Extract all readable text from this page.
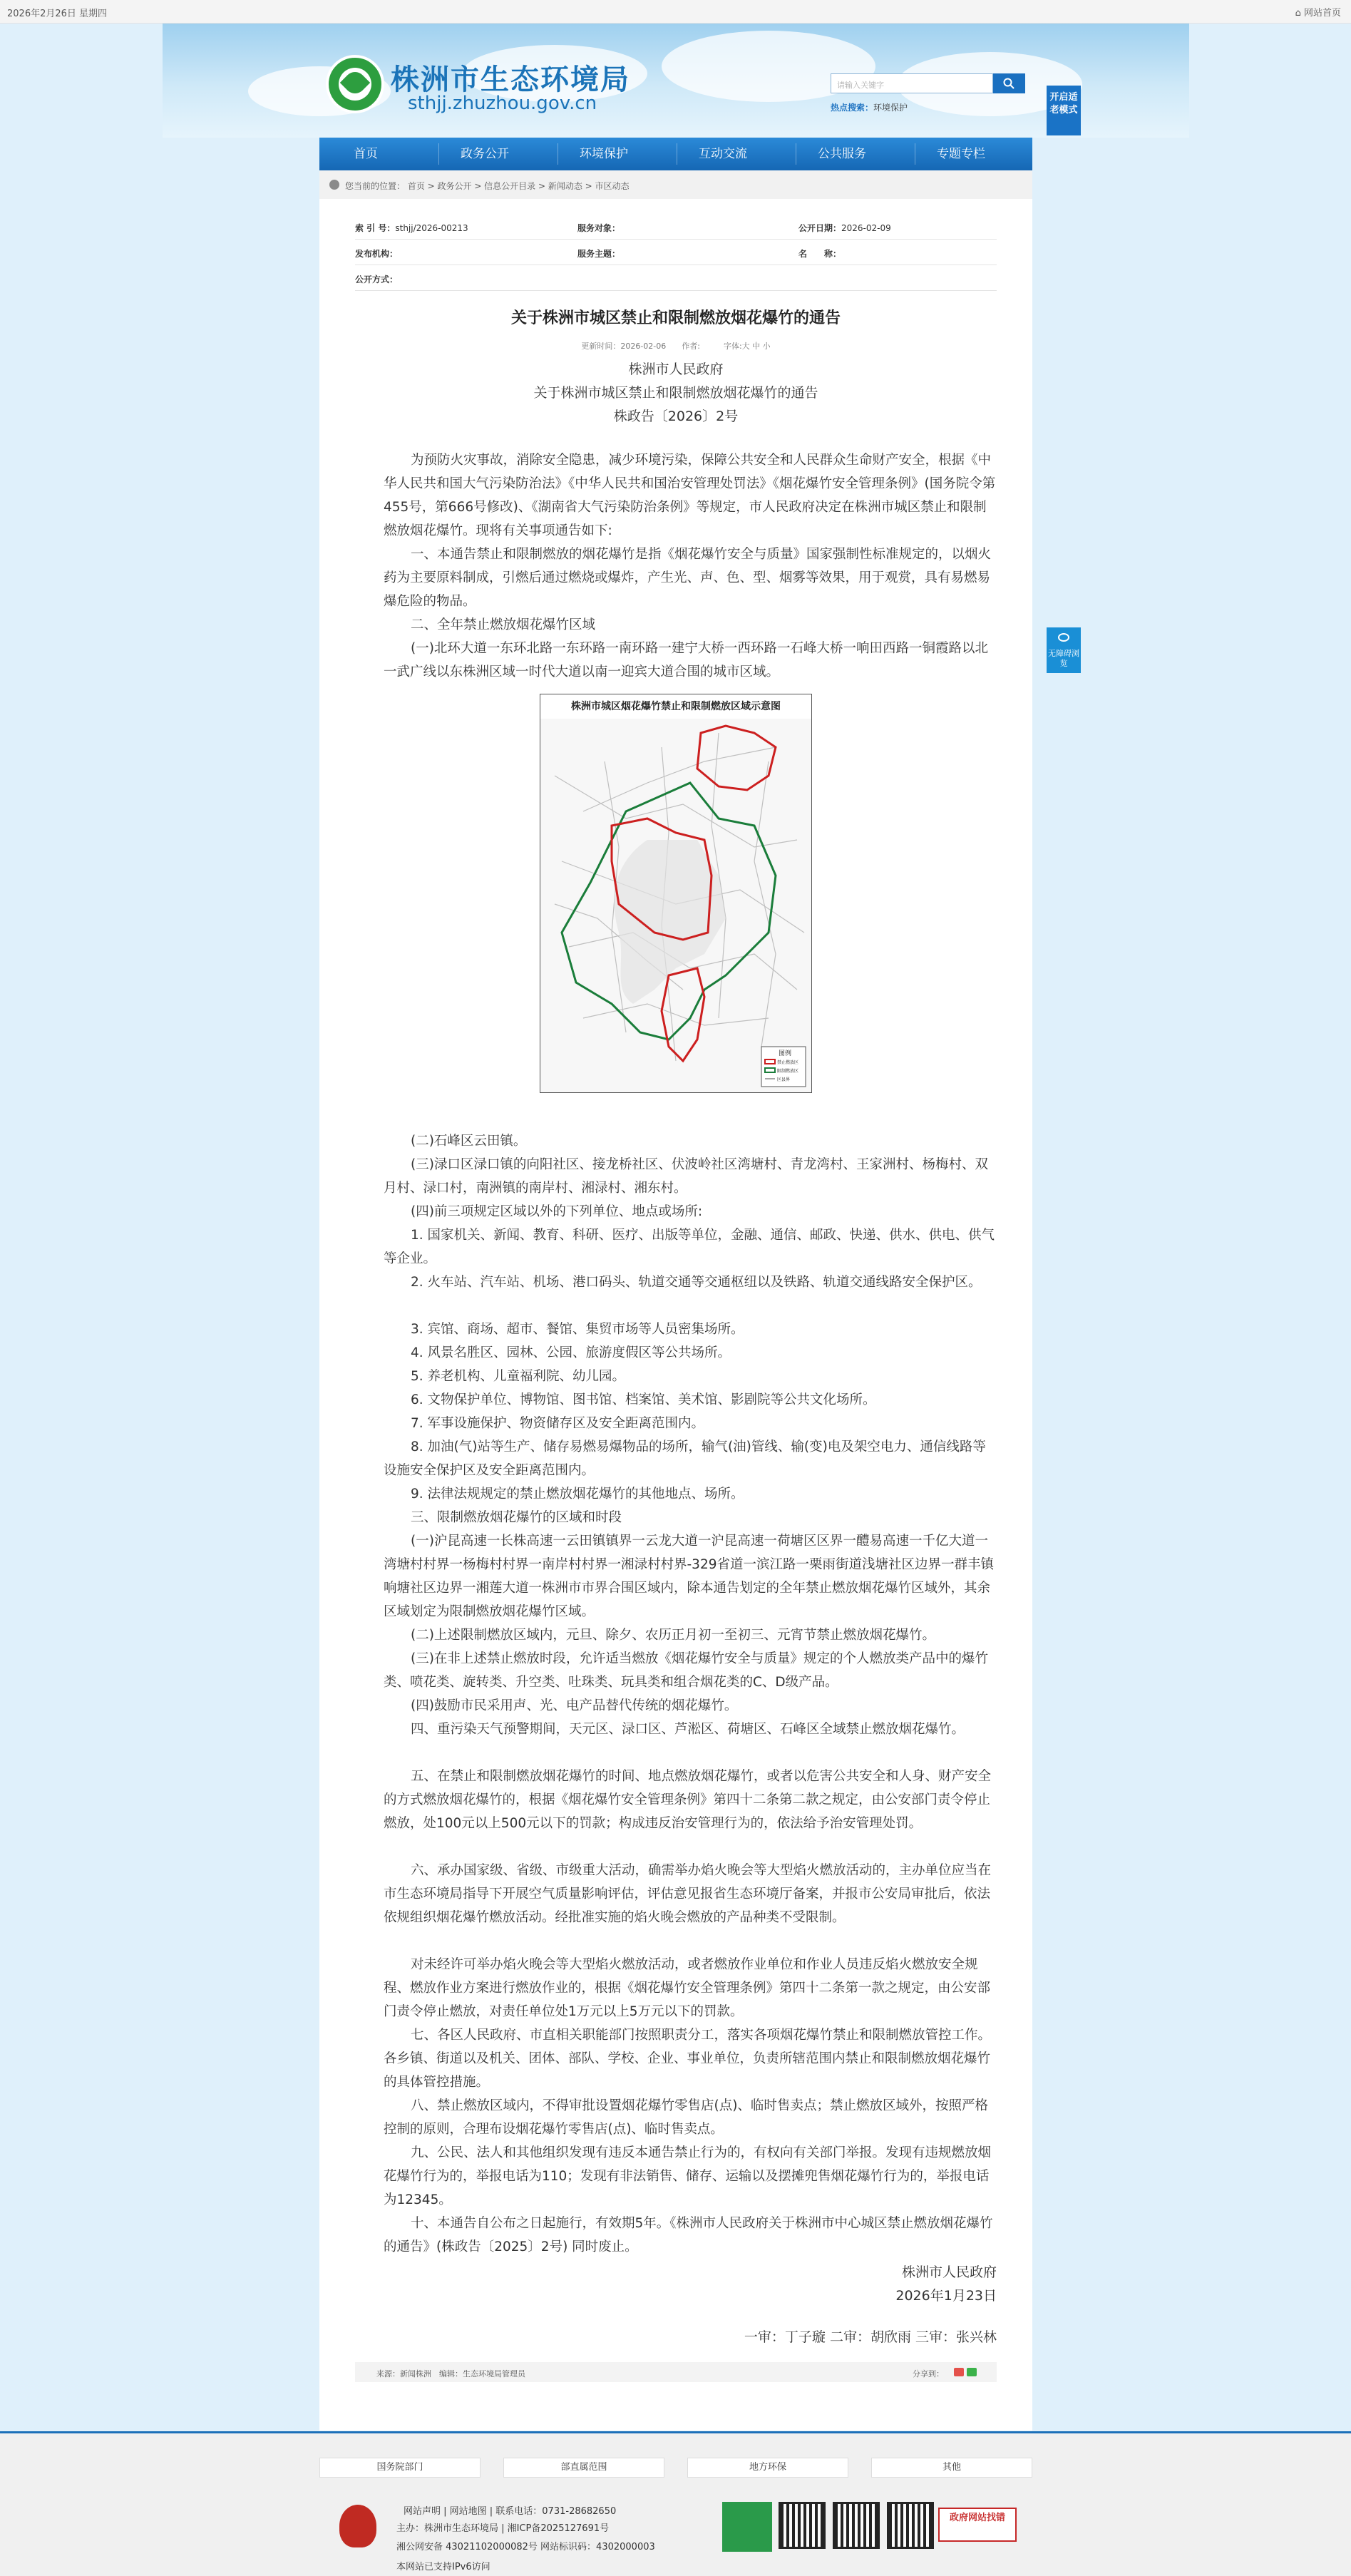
2026年2月26日 星期四	⌂ 网站首页
株洲市生态环境局
sthjj.zhuzhou.gov.cn
请输入关键字
热点搜索：环境保护
开启适老模式
首页	政务公开	环境保护	互动交流	公共服务	专题专栏
无障碍浏览
您当前的位置： 首页 > 政务公开 > 信息公开目录 > 新闻动态 > 市区动态
索 引 号：sthjj/2026-00213	服务对象：	公开日期：2026-02-09
发布机构：	服务主题：	名　　称：
公开方式：
关于株洲市城区禁止和限制燃放烟花爆竹的通告
更新时间：2026-02-06　　作者:　　　字体:大 中 小
株洲市人民政府
关于株洲市城区禁止和限制燃放烟花爆竹的通告
株政告〔2026〕2号

为预防火灾事故，消除安全隐患，减少环境污染，保障公共安全和人民群众生命财产安全，根据《中华人民共和国大气污染防治法》《中华人民共和国治安管理处罚法》《烟花爆竹安全管理条例》(国务院令第455号，第666号修改)、《湖南省大气污染防治条例》等规定，市人民政府决定在株洲市城区禁止和限制燃放烟花爆竹。现将有关事项通告如下:

一、本通告禁止和限制燃放的烟花爆竹是指《烟花爆竹安全与质量》国家强制性标准规定的，以烟火药为主要原料制成，引燃后通过燃烧或爆炸，产生光、声、色、型、烟雾等效果，用于观赏，具有易燃易爆危险的物品。

二、全年禁止燃放烟花爆竹区域

(一)北环大道一东环北路一东环路一南环路一建宁大桥一西环路一石峰大桥一响田西路一铜霞路以北一武广线以东株洲区域一时代大道以南一迎宾大道合围的城市区域。

株洲市城区烟花爆竹禁止和限制燃放区域示意图
图例
禁止燃放区
限制燃放区
区县界

(二)石峰区云田镇。

(三)渌口区渌口镇的向阳社区、接龙桥社区、伏波岭社区湾塘村、青龙湾村、王家洲村、杨梅村、双月村、渌口村，南洲镇的南岸村、湘渌村、湘东村。

(四)前三项规定区域以外的下列单位、地点或场所:

1. 国家机关、新闻、教育、科研、医疗、出版等单位，金融、通信、邮政、快递、供水、供电、供气等企业。

2. 火车站、汽车站、机场、港口码头、轨道交通等交通枢纽以及铁路、轨道交通线路安全保护区。

3. 宾馆、商场、超市、餐馆、集贸市场等人员密集场所。

4. 风景名胜区、园林、公园、旅游度假区等公共场所。

5. 养老机构、儿童福利院、幼儿园。

6. 文物保护单位、博物馆、图书馆、档案馆、美术馆、影剧院等公共文化场所。

7. 军事设施保护、物资储存区及安全距离范围内。

8. 加油(气)站等生产、储存易燃易爆物品的场所，输气(油)管线、输(变)电及架空电力、通信线路等设施安全保护区及安全距离范围内。

9. 法律法规规定的禁止燃放烟花爆竹的其他地点、场所。

三、限制燃放烟花爆竹的区域和时段

(一)沪昆高速一长株高速一云田镇镇界一云龙大道一沪昆高速一荷塘区区界一醴易高速一千亿大道一湾塘村村界一杨梅村村界一南岸村村界一湘渌村村界-329省道一滨江路一栗雨街道浅塘社区边界一群丰镇响塘社区边界一湘莲大道一株洲市市界合围区域内，除本通告划定的全年禁止燃放烟花爆竹区域外，其余区域划定为限制燃放烟花爆竹区域。

(二)上述限制燃放区域内，元旦、除夕、农历正月初一至初三、元宵节禁止燃放烟花爆竹。

(三)在非上述禁止燃放时段，允许适当燃放《烟花爆竹安全与质量》规定的个人燃放类产品中的爆竹类、喷花类、旋转类、升空类、吐珠类、玩具类和组合烟花类的C、D级产品。

(四)鼓励市民采用声、光、电产品替代传统的烟花爆竹。

四、重污染天气预警期间，天元区、渌口区、芦淞区、荷塘区、石峰区全域禁止燃放烟花爆竹。

五、在禁止和限制燃放烟花爆竹的时间、地点燃放烟花爆竹，或者以危害公共安全和人身、财产安全的方式燃放烟花爆竹的，根据《烟花爆竹安全管理条例》第四十二条第二款之规定，由公安部门责令停止燃放，处100元以上500元以下的罚款；构成违反治安管理行为的，依法给予治安管理处罚。

六、承办国家级、省级、市级重大活动，确需举办焰火晚会等大型焰火燃放活动的，主办单位应当在市生态环境局指导下开展空气质量影响评估，评估意见报省生态环境厅备案，并报市公安局审批后，依法依规组织烟花爆竹燃放活动。经批准实施的焰火晚会燃放的产品种类不受限制。

对未经许可举办焰火晚会等大型焰火燃放活动，或者燃放作业单位和作业人员违反焰火燃放安全规程、燃放作业方案进行燃放作业的，根据《烟花爆竹安全管理条例》第四十二条第一款之规定，由公安部门责令停止燃放，对责任单位处1万元以上5万元以下的罚款。

七、各区人民政府、市直相关职能部门按照职责分工，落实各项烟花爆竹禁止和限制燃放管控工作。各乡镇、街道以及机关、团体、部队、学校、企业、事业单位，负责所辖范围内禁止和限制燃放烟花爆竹的具体管控措施。

八、禁止燃放区域内，不得审批设置烟花爆竹零售店(点)、临时售卖点；禁止燃放区域外，按照严格控制的原则，合理布设烟花爆竹零售店(点)、临时售卖点。

九、公民、法人和其他组织发现有违反本通告禁止行为的，有权向有关部门举报。发现有违规燃放烟花爆竹行为的，举报电话为110；发现有非法销售、储存、运输以及摆摊兜售烟花爆竹行为的，举报电话为12345。

十、本通告自公布之日起施行，有效期5年。《株洲市人民政府关于株洲市中心城区禁止燃放烟花爆竹的通告》(株政告〔2025〕2号) 同时废止。

株洲市人民政府
2026年1月23日
一审：丁子璇 二审：胡欣雨 三审：张兴林
来源：新闻株洲　编辑：生态环境局管理员	分享到：
国务院部门	部直属范围	地方环保	其他
网站声明 | 网站地图 | 联系电话：0731-28682650
主办：株洲市生态环境局 | 湘ICP备2025127691号
湘公网安备 43021102000082号 网站标识码：4302000003
本网站已支持IPv6访问
政府网站找错
